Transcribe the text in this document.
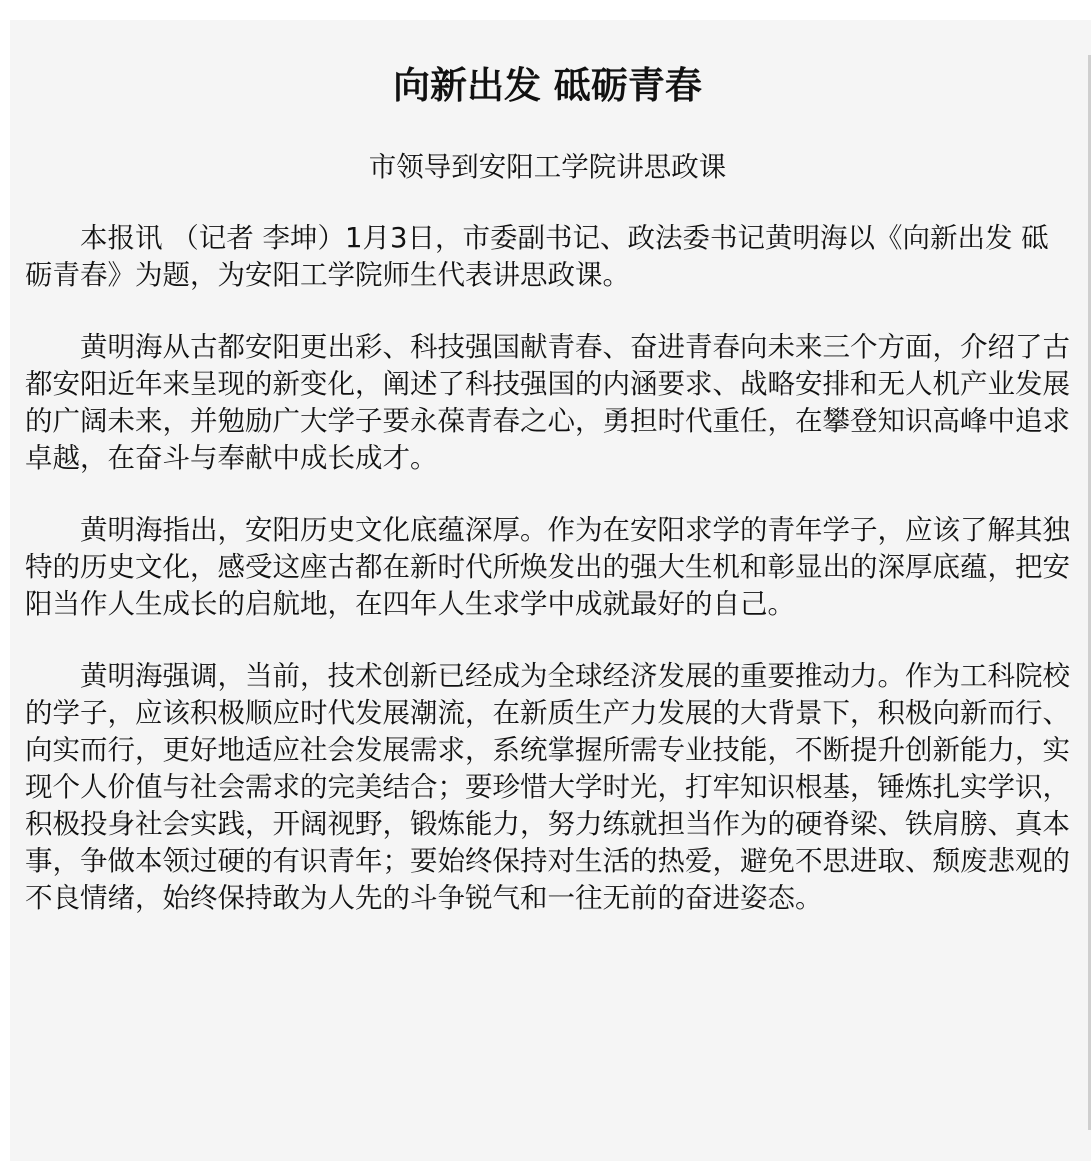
向新出发 砥砺青春
市领导到安阳工学院讲思政课

本报讯 （记者 李坤）1月3日，市委副书记、政法委书记黄明海以《向新出发 砥砺青春》为题，为安阳工学院师生代表讲思政课。

黄明海从古都安阳更出彩、科技强国献青春、奋进青春向未来三个方面，介绍了古都安阳近年来呈现的新变化，阐述了科技强国的内涵要求、战略安排和无人机产业发展的广阔未来，并勉励广大学子要永葆青春之心，勇担时代重任，在攀登知识高峰中追求卓越，在奋斗与奉献中成长成才。

黄明海指出，安阳历史文化底蕴深厚。作为在安阳求学的青年学子，应该了解其独特的历史文化，感受这座古都在新时代所焕发出的强大生机和彰显出的深厚底蕴，把安阳当作人生成长的启航地，在四年人生求学中成就最好的自己。

黄明海强调，当前，技术创新已经成为全球经济发展的重要推动力。作为工科院校的学子，应该积极顺应时代发展潮流，在新质生产力发展的大背景下，积极向新而行、向实而行，更好地适应社会发展需求，系统掌握所需专业技能，不断提升创新能力，实现个人价值与社会需求的完美结合；要珍惜大学时光，打牢知识根基，锤炼扎实学识，积极投身社会实践，开阔视野，锻炼能力，努力练就担当作为的硬脊梁、铁肩膀、真本事，争做本领过硬的有识青年；要始终保持对生活的热爱，避免不思进取、颓废悲观的不良情绪，始终保持敢为人先的斗争锐气和一往无前的奋进姿态。
